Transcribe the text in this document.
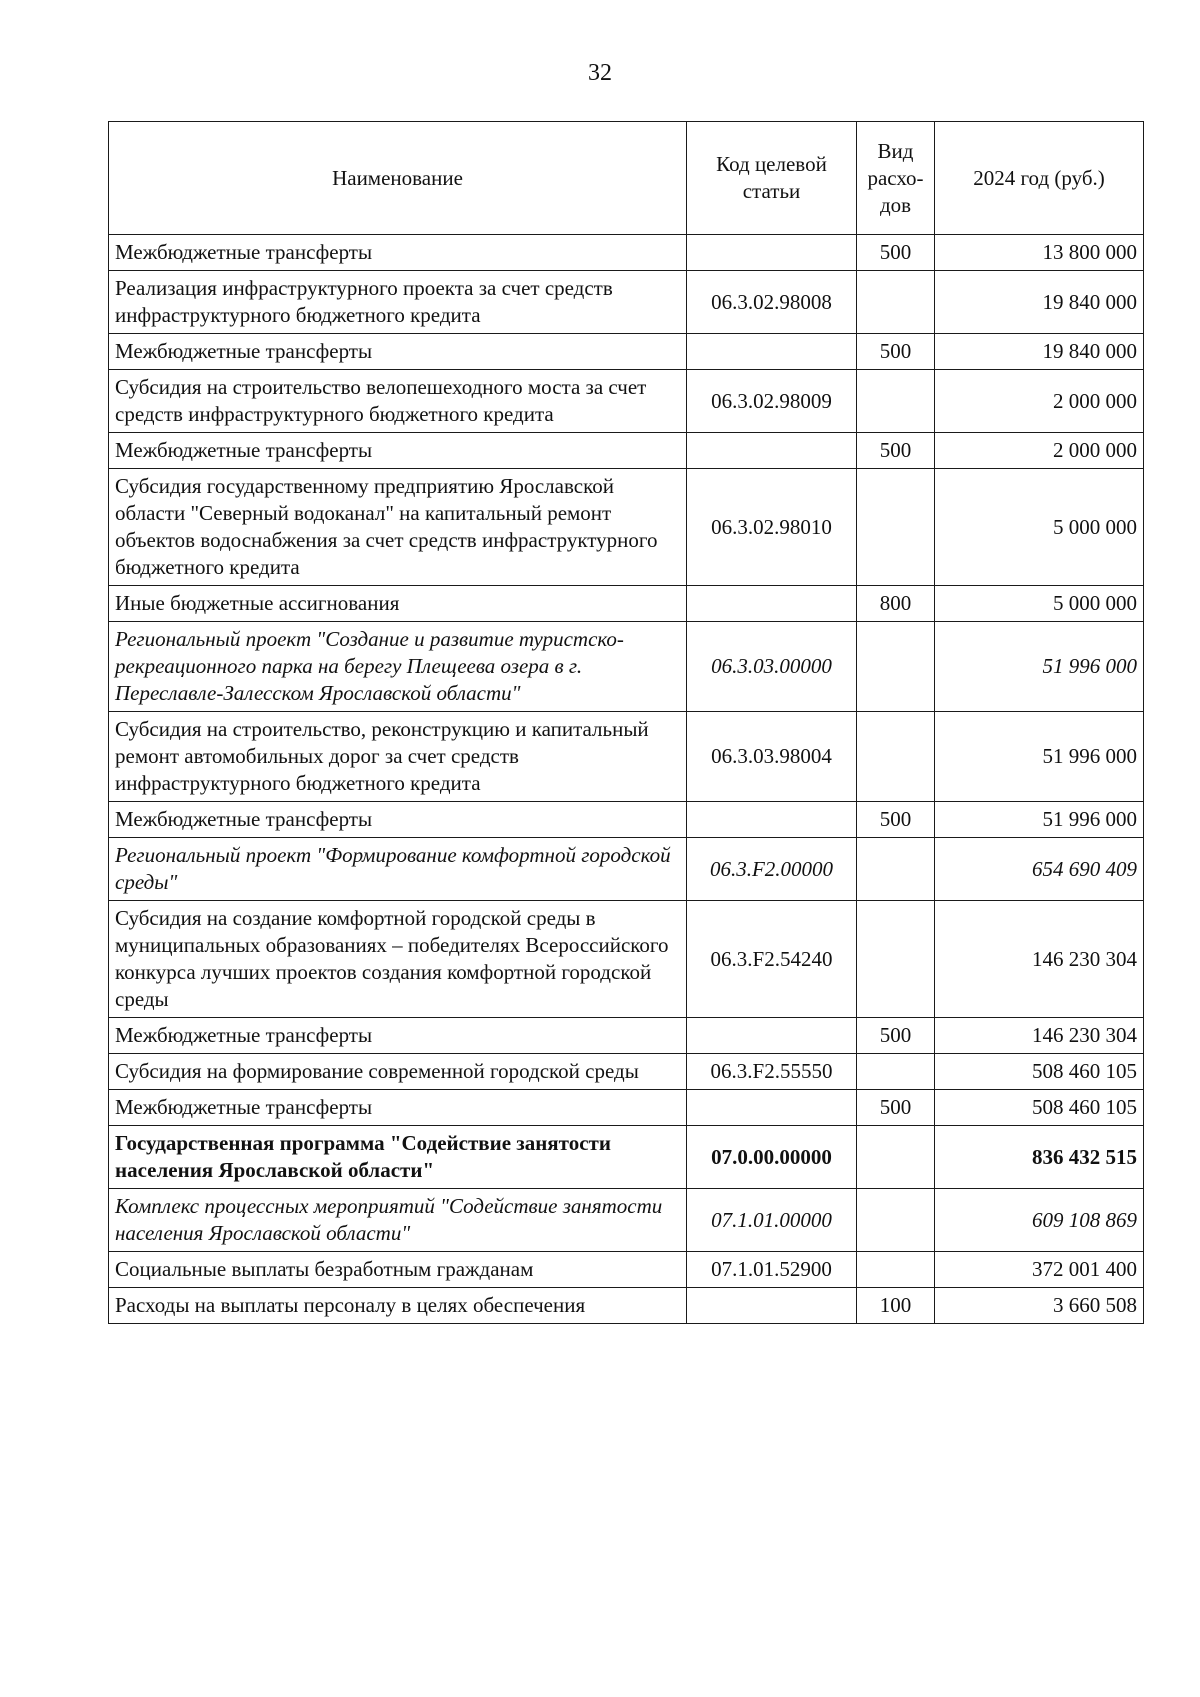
32
Наименование	Код целевой статьи	Вид расхо-дов	2024 год (руб.)
Межбюджетные трансферты		500	13 800 000
Реализация инфраструктурного проекта за счет средств инфраструктурного бюджетного кредита	06.3.02.98008		19 840 000
Межбюджетные трансферты		500	19 840 000
Субсидия на строительство велопешеходного моста за счет средств инфраструктурного бюджетного кредита	06.3.02.98009		2 000 000
Межбюджетные трансферты		500	2 000 000
Субсидия государственному предприятию Ярославской области "Северный водоканал" на капитальный ремонт объектов водоснабжения за счет средств инфраструктурного бюджетного кредита	06.3.02.98010		5 000 000
Иные бюджетные ассигнования		800	5 000 000
Региональный проект "Создание и развитие туристско-рекреационного парка на берегу Плещеева озера в г. Переславле-Залесском Ярославской области"	06.3.03.00000		51 996 000
Субсидия на строительство, реконструкцию и капитальный ремонт автомобильных дорог за счет средств инфраструктурного бюджетного кредита	06.3.03.98004		51 996 000
Межбюджетные трансферты		500	51 996 000
Региональный проект "Формирование комфортной городской среды"	06.3.F2.00000		654 690 409
Субсидия на создание комфортной городской среды в муниципальных образованиях – победителях Всероссийского конкурса лучших проектов создания комфортной городской среды	06.3.F2.54240		146 230 304
Межбюджетные трансферты		500	146 230 304
Субсидия на формирование современной городской среды	06.3.F2.55550		508 460 105
Межбюджетные трансферты		500	508 460 105
Государственная программа "Содействие занятости населения Ярославской области"	07.0.00.00000		836 432 515
Комплекс процессных мероприятий "Содействие занятости населения Ярославской области"	07.1.01.00000		609 108 869
Социальные выплаты безработным гражданам	07.1.01.52900		372 001 400
Расходы на выплаты персоналу в целях обеспечения		100	3 660 508
